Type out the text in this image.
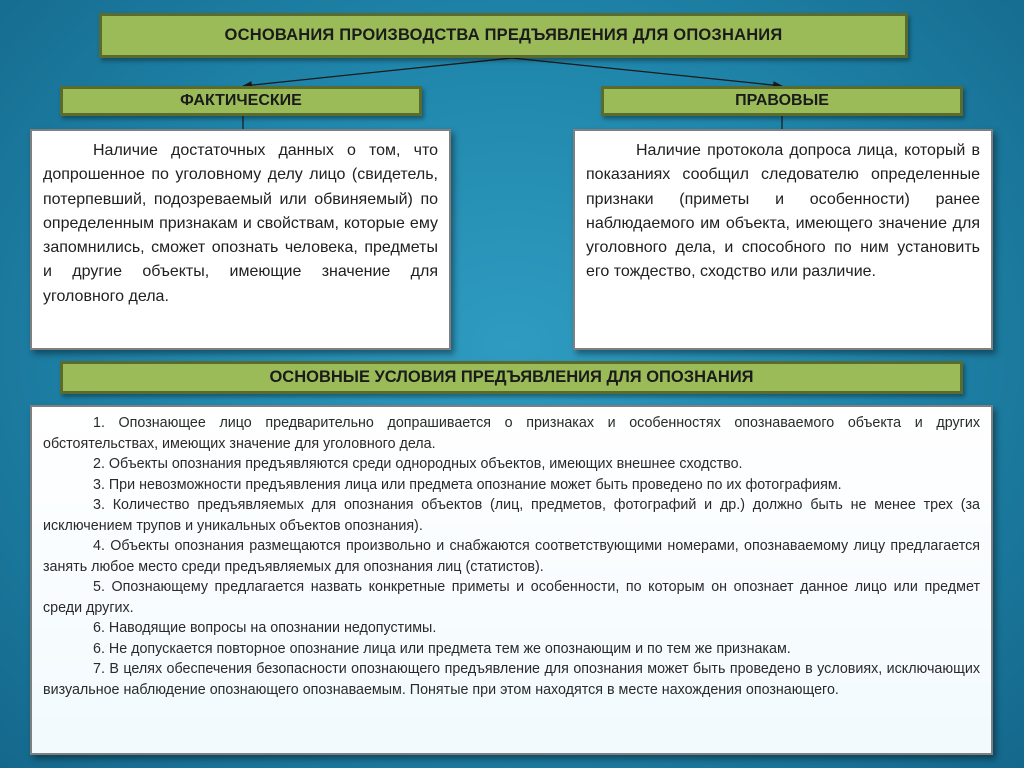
ОСНОВАНИЯ ПРОИЗВОДСТВА ПРЕДЪЯВЛЕНИЯ ДЛЯ ОПОЗНАНИЯ
ФАКТИЧЕСКИЕ	ПРАВОВЫЕ

Наличие достаточных данных о том, что допрошенное по уголовному делу лицо (свидетель, потерпевший, подозреваемый или обвиняемый) по определенным признакам и свойствам, которые ему запомнились, сможет опознать человека, предметы и другие объекты, имеющие значение для уголовного дела.

Наличие протокола допроса лица, который в показаниях сообщил следователю определенные признаки (приметы и особенности) ранее наблюдаемого им объекта, имеющего значение для уголовного дела, и способного по ним установить его тождество, сходство или различие.

ОСНОВНЫЕ УСЛОВИЯ ПРЕДЪЯВЛЕНИЯ ДЛЯ ОПОЗНАНИЯ

1. Опознающее лицо предварительно допрашивается о признаках и особенностях опознаваемого объекта и других обстоятельствах, имеющих значение для уголовного дела.

2. Объекты опознания предъявляются среди однородных объектов, имеющих внешнее сходство.

3. При невозможности предъявления лица или предмета опознание может быть проведено по их фотографиям.

3. Количество предъявляемых для опознания объектов (лиц, предметов, фотографий и др.) должно быть не менее трех (за исключением трупов и уникальных объектов опознания).

4. Объекты опознания размещаются произвольно и снабжаются соответствующими номерами, опознаваемому лицу предлагается занять любое место среди предъявляемых для опознания лиц (статистов).

5. Опознающему предлагается назвать конкретные приметы и особенности, по которым он опознает данное лицо или предмет среди других.

6. Наводящие вопросы на опознании недопустимы.

6. Не допускается повторное опознание лица или предмета тем же опознающим и по тем же признакам.

7. В целях обеспечения безопасности опознающего предъявление для опознания может быть проведено в условиях, исключающих визуальное наблюдение опознающего опознаваемым. Понятые при этом находятся в месте нахождения опознающего.
